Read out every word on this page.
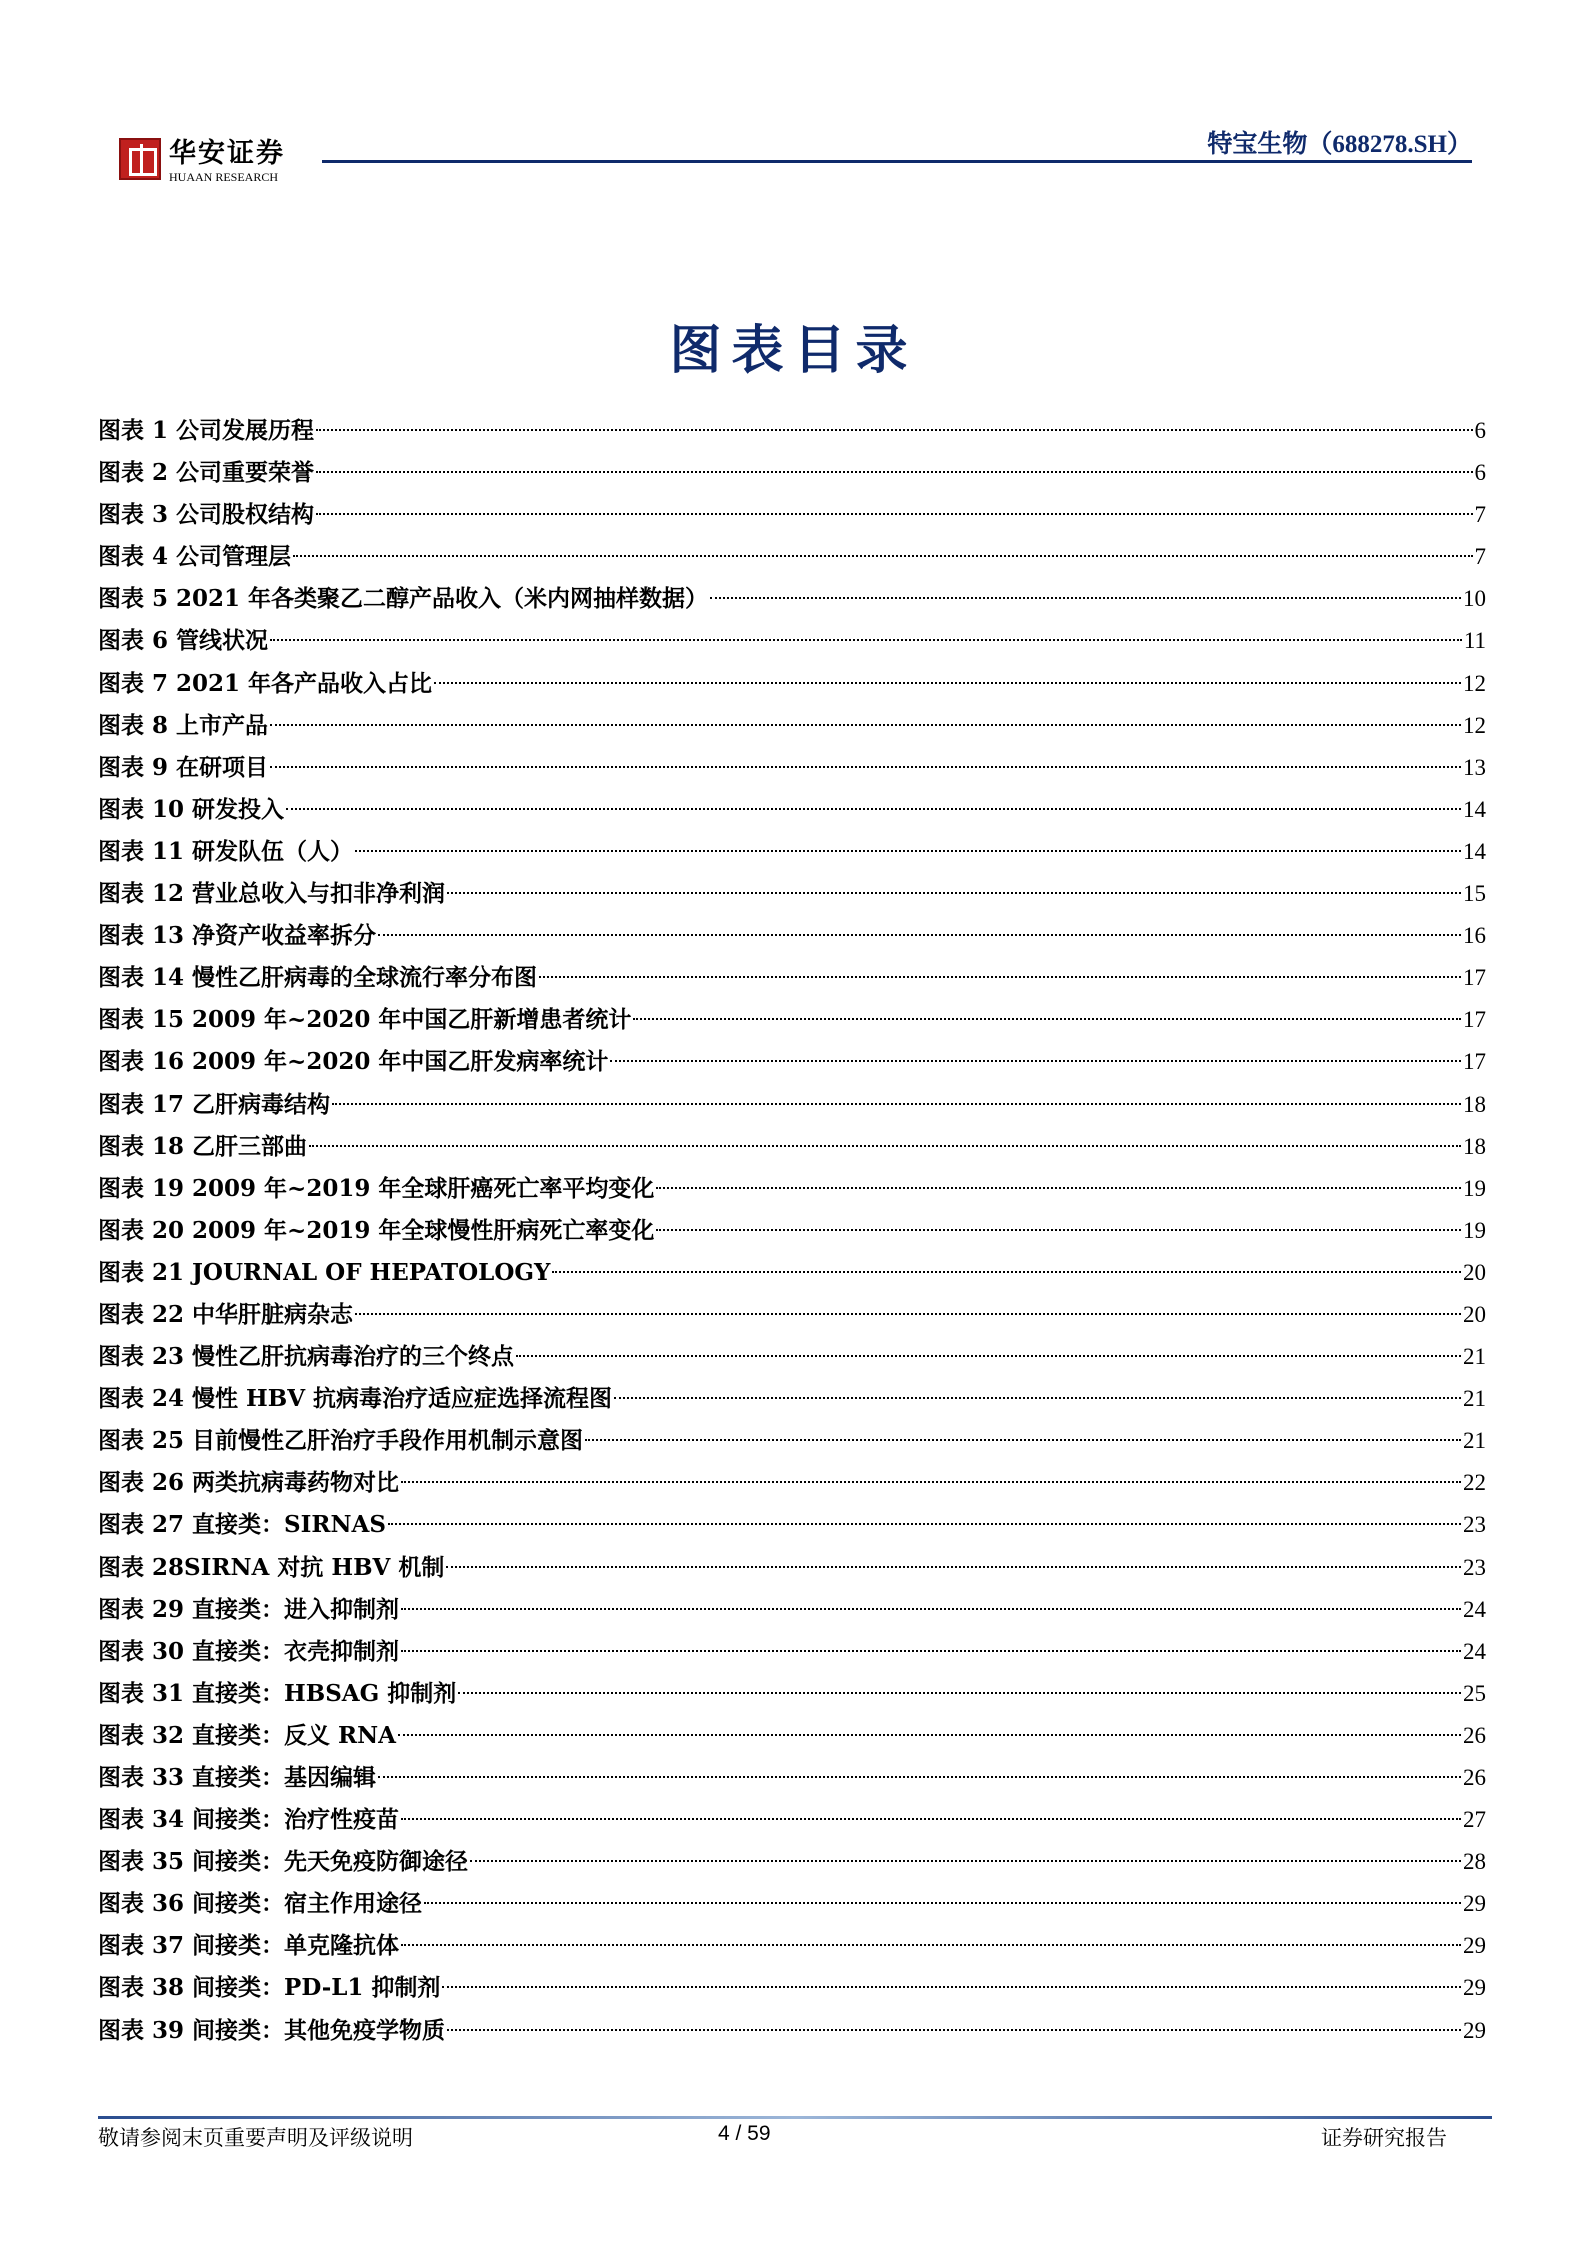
华安证券
HUAAN RESEARCH
特宝生物（688278.SH）
图表目录
图表 1 公司发展历程	6
图表 2 公司重要荣誉	6
图表 3 公司股权结构	7
图表 4 公司管理层	7
图表 5 2021 年各类聚乙二醇产品收入（米内网抽样数据）	10
图表 6 管线状况	11
图表 7 2021 年各产品收入占比	12
图表 8 上市产品	12
图表 9 在研项目	13
图表 10 研发投入	14
图表 11 研发队伍（人）	14
图表 12 营业总收入与扣非净利润	15
图表 13 净资产收益率拆分	16
图表 14 慢性乙肝病毒的全球流行率分布图	17
图表 15 2009 年~2020 年中国乙肝新增患者统计	17
图表 16 2009 年~2020 年中国乙肝发病率统计	17
图表 17 乙肝病毒结构	18
图表 18 乙肝三部曲	18
图表 19 2009 年~2019 年全球肝癌死亡率平均变化	19
图表 20 2009 年~2019 年全球慢性肝病死亡率变化	19
图表 21 JOURNAL OF HEPATOLOGY	20
图表 22 中华肝脏病杂志	20
图表 23 慢性乙肝抗病毒治疗的三个终点	21
图表 24 慢性 HBV 抗病毒治疗适应症选择流程图	21
图表 25 目前慢性乙肝治疗手段作用机制示意图	21
图表 26 两类抗病毒药物对比	22
图表 27 直接类：SIRNAS	23
图表 28SIRNA 对抗 HBV 机制	23
图表 29 直接类：进入抑制剂	24
图表 30 直接类：衣壳抑制剂	24
图表 31 直接类：HBSAG 抑制剂	25
图表 32 直接类：反义 RNA	26
图表 33 直接类：基因编辑	26
图表 34 间接类：治疗性疫苗	27
图表 35 间接类：先天免疫防御途径	28
图表 36 间接类：宿主作用途径	29
图表 37 间接类：单克隆抗体	29
图表 38 间接类：PD-L1 抑制剂	29
图表 39 间接类：其他免疫学物质	29
敬请参阅末页重要声明及评级说明	4 / 59	证券研究报告
